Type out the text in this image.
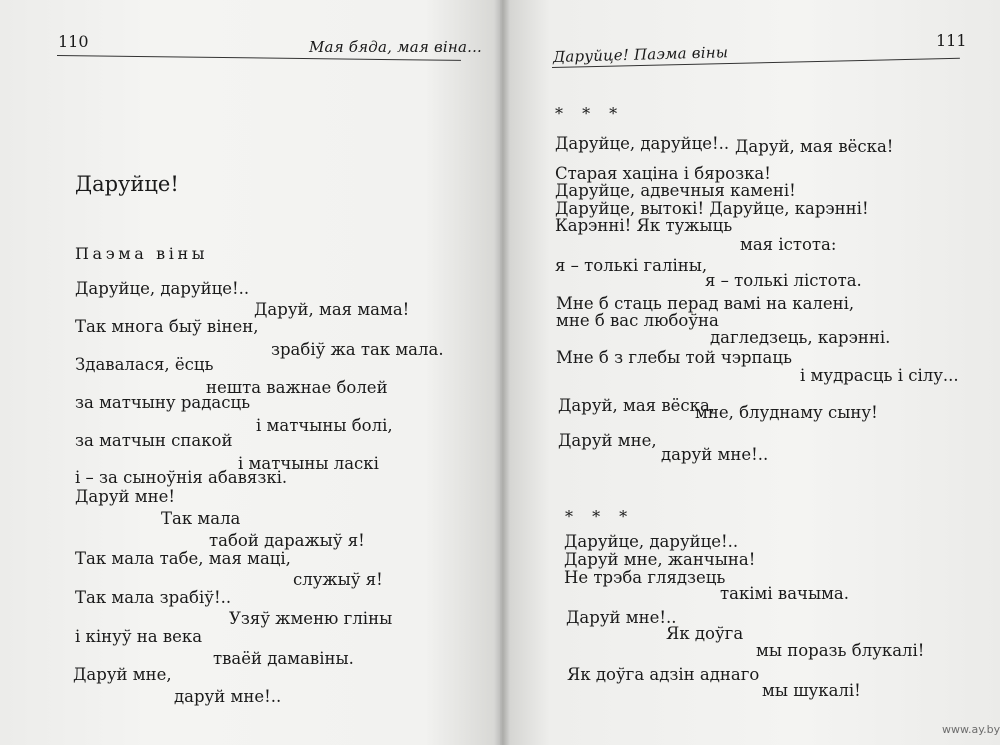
110	Мая бяда, мая віна...
Даруйце!
Паэма віны
Даруйце, даруйце!..
Даруй, мая мама!
Так многа быў вінен,
зрабіў жа так мала.
Здавалася, ёсць
нешта важнае болей
за матчыну радасць
і матчыны болі,
за матчын спакой
і матчыны ласкі
і – за сыноўнія абавязкі.
Даруй мне!
Так мала
табой даражыў я!
Так мала табе, мая маці,
служыў я!
Так мала зрабіў!..
Узяў жменю гліны
і кінуў на века
тваёй дамавіны.
Даруй мне,
даруй мне!..
111
Даруйце! Паэма віны
* * *
Даруйце, даруйце!.. Даруй, мая вёска!
Старая хаціна і бярозка!
Даруйце, адвечныя камені!
Даруйце, вытокі! Даруйце, карэнні!
Карэнні! Як тужыць
мая істота:
я – толькі галіны,
я – толькі лістота.
Мне б стаць перад вамі на калені,
мне б вас любоўна
дагледзець, карэнні.
Мне б з глебы той чэрпаць
і мудрасць і сілу...
Даруй, мая вёска,
мне, блуднаму сыну!
Даруй мне,
даруй мне!..
* * *
Даруйце, даруйце!..
Даруй мне, жанчына!
Не трэба глядзець
такімі вачыма.
Даруй мне!..
Як доўга
мы поразь блукалі!
Як доўга адзін аднаго
мы шукалі!
www.ay.by
